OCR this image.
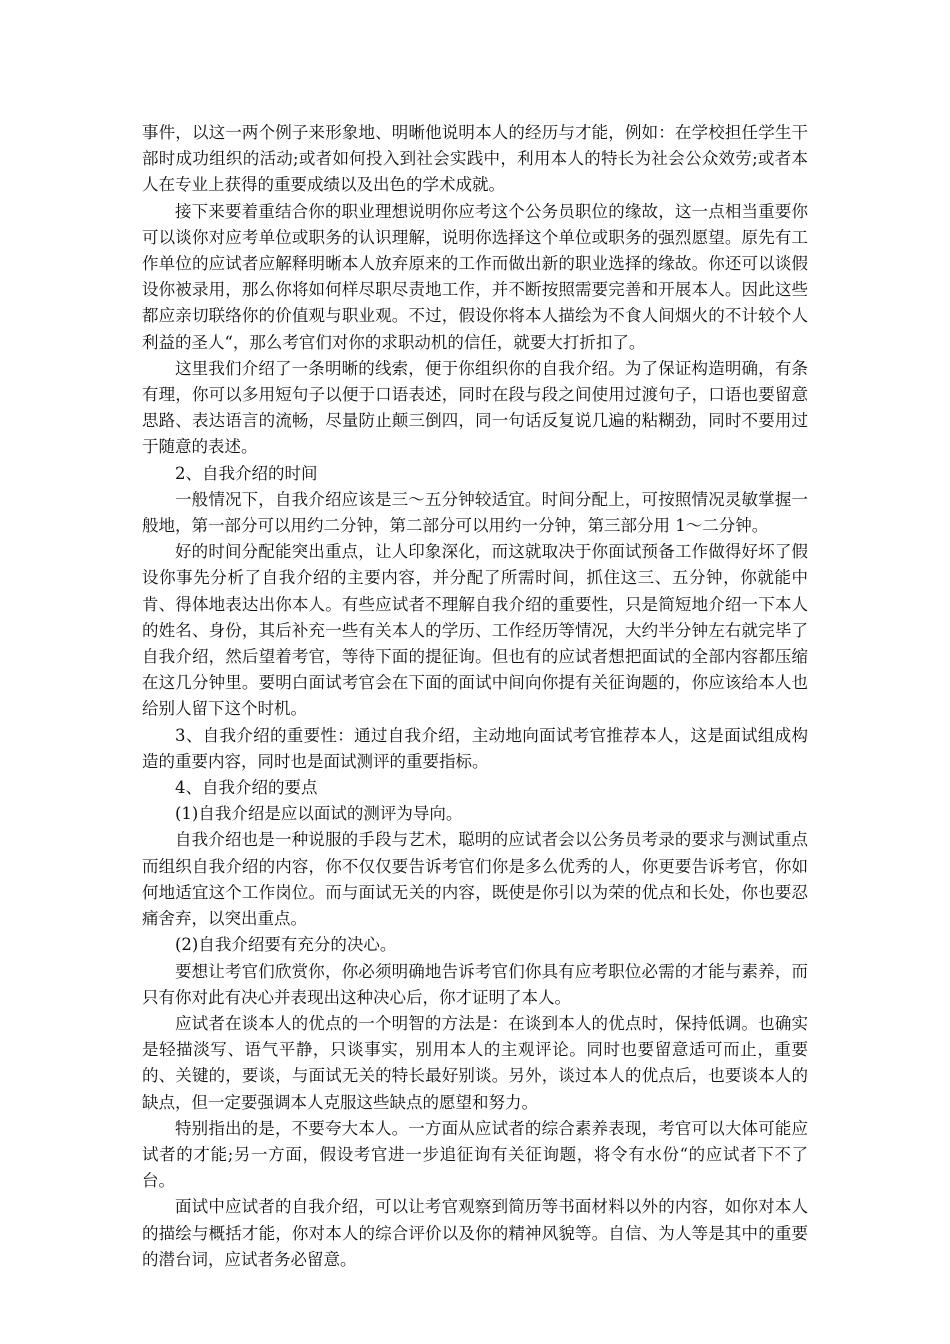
事件，以这一两个例子来形象地、明晰他说明本人的经历与才能，例如：在学校担任学生干部时成功组织的活动;或者如何投入到社会实践中，利用本人的特长为社会公众效劳;或者本人在专业上获得的重要成绩以及出色的学术成就。

接下来要着重结合你的职业理想说明你应考这个公务员职位的缘故，这一点相当重要你可以谈你对应考单位或职务的认识理解，说明你选择这个单位或职务的强烈愿望。原先有工作单位的应试者应解释明晰本人放弃原来的工作而做出新的职业选择的缘故。你还可以谈假设你被录用，那么你将如何样尽职尽责地工作，并不断按照需要完善和开展本人。因此这些都应亲切联络你的价值观与职业观。不过，假设你将本人描绘为不食人间烟火的不计较个人利益的圣人“，那么考官们对你的求职动机的信任，就要大打折扣了。

这里我们介绍了一条明晰的线索，便于你组织你的自我介绍。为了保证构造明确，有条有理，你可以多用短句子以便于口语表述，同时在段与段之间使用过渡句子，口语也要留意思路、表达语言的流畅，尽量防止颠三倒四，同一句话反复说几遍的粘糊劲，同时不要用过于随意的表述。

2、自我介绍的时间

一般情况下，自我介绍应该是三～五分钟较适宜。时间分配上，可按照情况灵敏掌握一般地，第一部分可以用约二分钟，第二部分可以用约一分钟，第三部分用 1～二分钟。

好的时间分配能突出重点，让人印象深化，而这就取决于你面试预备工作做得好坏了假设你事先分析了自我介绍的主要内容，并分配了所需时间，抓住这三、五分钟，你就能中肯、得体地表达出你本人。有些应试者不理解自我介绍的重要性，只是简短地介绍一下本人的姓名、身份，其后补充一些有关本人的学历、工作经历等情况，大约半分钟左右就完毕了自我介绍，然后望着考官，等待下面的提征询。但也有的应试者想把面试的全部内容都压缩在这几分钟里。要明白面试考官会在下面的面试中间向你提有关征询题的，你应该给本人也给别人留下这个时机。

3、自我介绍的重要性：通过自我介绍，主动地向面试考官推荐本人，这是面试组成构造的重要内容，同时也是面试测评的重要指标。

4、自我介绍的要点

(1)自我介绍是应以面试的测评为导向。

自我介绍也是一种说服的手段与艺术，聪明的应试者会以公务员考录的要求与测试重点而组织自我介绍的内容，你不仅仅要告诉考官们你是多么优秀的人，你更要告诉考官，你如何地适宜这个工作岗位。而与面试无关的内容，既使是你引以为荣的优点和长处，你也要忍痛舍弃，以突出重点。

(2)自我介绍要有充分的决心。

要想让考官们欣赏你，你必须明确地告诉考官们你具有应考职位必需的才能与素养，而只有你对此有决心并表现出这种决心后，你才证明了本人。

应试者在谈本人的优点的一个明智的方法是：在谈到本人的优点时，保持低调。也确实是轻描淡写、语气平静，只谈事实，别用本人的主观评论。同时也要留意适可而止，重要的、关键的，要谈，与面试无关的特长最好别谈。另外，谈过本人的优点后，也要谈本人的缺点，但一定要强调本人克服这些缺点的愿望和努力。

特别指出的是，不要夸大本人。一方面从应试者的综合素养表现，考官可以大体可能应试者的才能;另一方面，假设考官进一步追征询有关征询题，将令有水份“的应试者下不了台。

面试中应试者的自我介绍，可以让考官观察到简历等书面材料以外的内容，如你对本人的描绘与概括才能，你对本人的综合评价以及你的精神风貌等。自信、为人等是其中的重要的潜台词，应试者务必留意。
